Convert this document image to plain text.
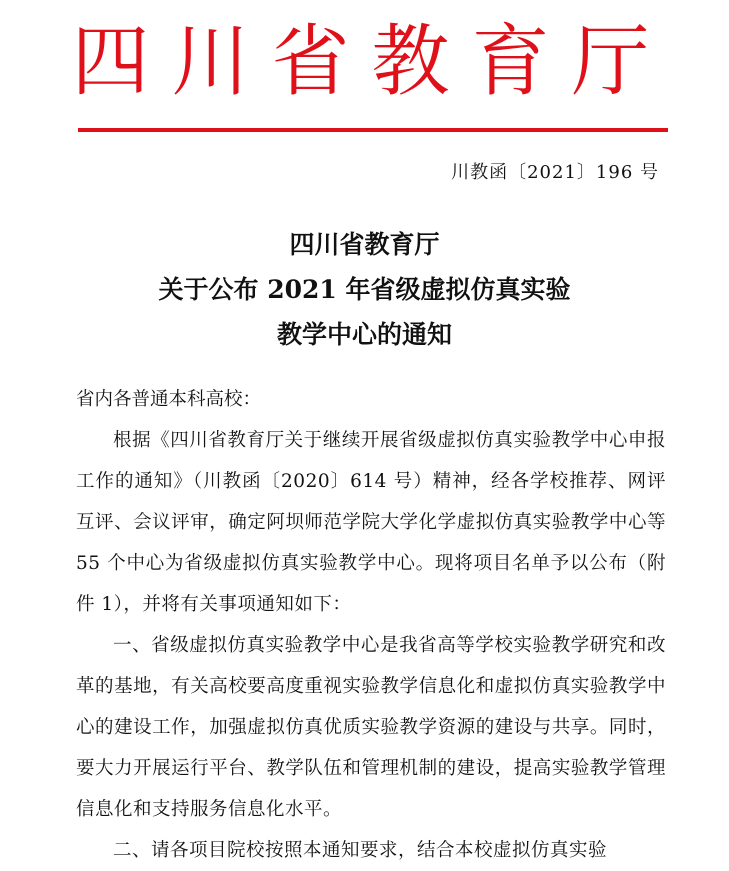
四川省教育厅
川教函〔2021〕196 号
四川省教育厅
关于公布 2021 年省级虚拟仿真实验
教学中心的通知

省内各普通本科高校：

根据《四川省教育厅关于继续开展省级虚拟仿真实验教学中心申报工作的通知》（川教函〔2020〕614 号）精神，经各学校推荐、网评互评、会议评审，确定阿坝师范学院大学化学虚拟仿真实验教学中心等 55 个中心为省级虚拟仿真实验教学中心。现将项目名单予以公布（附件 1），并将有关事项通知如下：

一、省级虚拟仿真实验教学中心是我省高等学校实验教学研究和改革的基地，有关高校要高度重视实验教学信息化和虚拟仿真实验教学中心的建设工作，加强虚拟仿真优质实验教学资源的建设与共享。同时，要大力开展运行平台、教学队伍和管理机制的建设，提高实验教学管理信息化和支持服务信息化水平。

二、请各项目院校按照本通知要求，结合本校虚拟仿真实验
